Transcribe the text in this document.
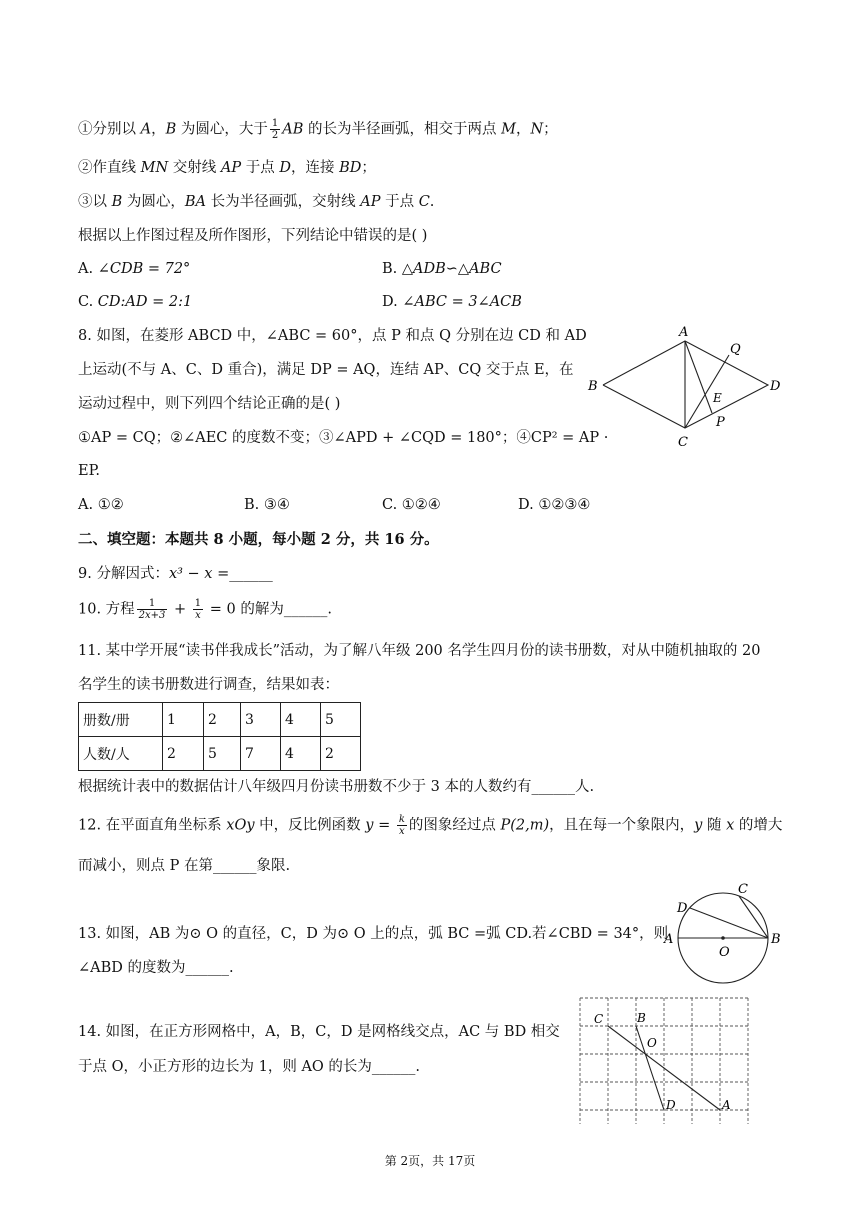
①分别以 A，B 为圆心，大于 $\frac{1}{2}$ AB 的长为半径画弧，相交于两点 M，N；
②作直线 MN 交射线 AP 于点 D，连接 BD；
③以 B 为圆心，BA 长为半径画弧，交射线 AP 于点 C.
根据以上作图过程及所作图形，下列结论中错误的是( )
A. ∠CDB = 72°	B. △ADB∽△ABC
C. CD:AD = 2:1	D. ∠ABC = 3∠ACB
8. 如图，在菱形 ABCD 中，∠ABC = 60°，点 P 和点 Q 分别在边 CD 和 AD
上运动(不与 A、C、D 重合)，满足 DP = AQ，连结 AP、CQ 交于点 E，在
运动过程中，则下列四个结论正确的是( )
①AP = CQ；②∠AEC 的度数不变；③∠APD + ∠CQD = 180°；④CP² = AP ·
EP.
A. ①②	B. ③④	C. ①②④	D. ①②③④
A
B
C
D
Q
E
P
二、填空题：本题共 8 小题，每小题 2 分，共 16 分。
9. 分解因式：x³ − x =______
10. 方程 $\frac{1}{2x+3} + \frac{1}{x} = 0$ 的解为______.
11. 某中学开展“读书伴我成长”活动，为了解八年级 200 名学生四月份的读书册数，对从中随机抽取的 20
名学生的读书册数进行调查，结果如表：
册数/册	1	2	3	4	5
人数/人	2	5	7	4	2
根据统计表中的数据估计八年级四月份读书册数不少于 3 本的人数约有______人.
12. 在平面直角坐标系 xOy 中，反比例函数 $y = \frac{k}{x}$ 的图象经过点 P(2,m)，且在每一个象限内，y 随 x 的增大
而减小，则点 P 在第______象限.
A	B
C
D
O
13. 如图，AB 为⊙ O 的直径，C，D 为⊙ O 上的点，弧 BC =弧 CD.若∠CBD = 34°，则
∠ABD 的度数为______.
C	B
O
D	A
14. 如图，在正方形网格中，A，B，C，D 是网格线交点，AC 与 BD 相交
于点 O，小正方形的边长为 1，则 AO 的长为______.
第 2页，共 17页
